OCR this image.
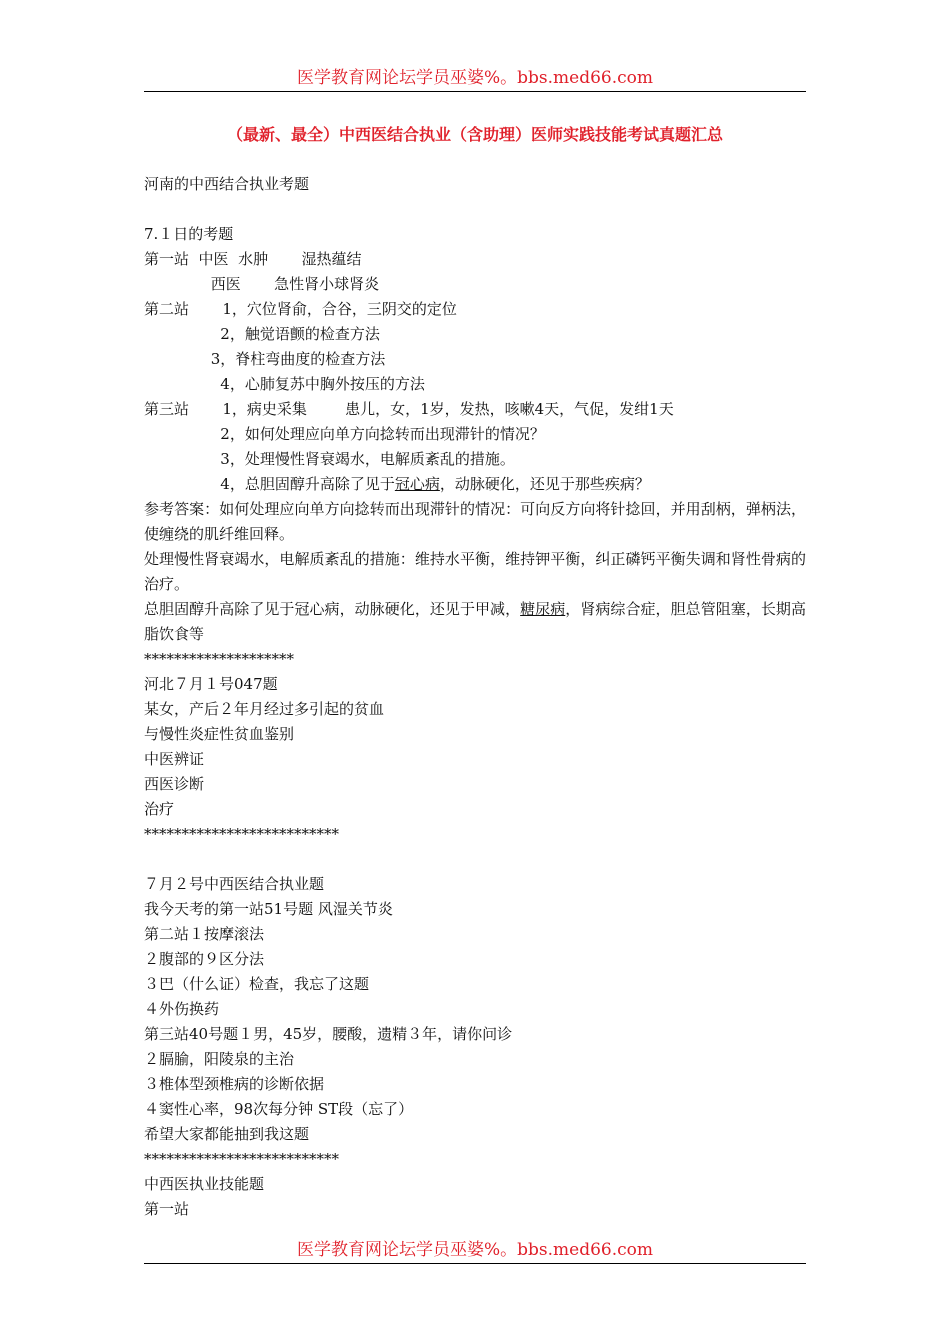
医学教育网论坛学员巫婆%。bbs.med66.com
（最新、最全）中西医结合执业（含助理）医师实践技能考试真题汇总
河南的中西结合执业考题
7.１日的考题
第一站  中医  水肿       湿热蕴结
西医       急性肾小球肾炎
第二站       1，穴位肾俞，合谷，三阴交的定位
2，触觉语颤的检查方法
3，脊柱弯曲度的检查方法
4，心肺复苏中胸外按压的方法
第三站       1，病史采集        患儿，女，1岁，发热，咳嗽4天，气促，发绀1天
2，如何处理应向单方向捻转而出现滞针的情况？
3，处理慢性肾衰竭水，电解质紊乱的措施。
4，总胆固醇升高除了见于冠心病，动脉硬化，还见于那些疾病？
参考答案：如何处理应向单方向捻转而出现滞针的情况：可向反方向将针捻回，并用刮柄，弹柄法，使缠绕的肌纤维回释。
处理慢性肾衰竭水，电解质紊乱的措施：维持水平衡，维持钾平衡，纠正磷钙平衡失调和肾性骨病的治疗。
总胆固醇升高除了见于冠心病，动脉硬化，还见于甲减，糖尿病，肾病综合症，胆总管阻塞，长期高脂饮食等
********************
河北７月１号047题
某女，产后２年月经过多引起的贫血
与慢性炎症性贫血鉴别
中医辨证
西医诊断
治疗
**************************
７月２号中西医结合执业题
我今天考的第一站51号题 风湿关节炎
第二站１按摩滚法
２腹部的９区分法
３巴（什么证）检查，我忘了这题
４外伤换药
第三站40号题１男，45岁，腰酸，遗精３年，请你问诊
２膈腧，阳陵泉的主治
３椎体型颈椎病的诊断依据
４窦性心率，98次每分钟 ST段（忘了）
希望大家都能抽到我这题
**************************
中西医执业技能题
第一站
医学教育网论坛学员巫婆%。bbs.med66.com
